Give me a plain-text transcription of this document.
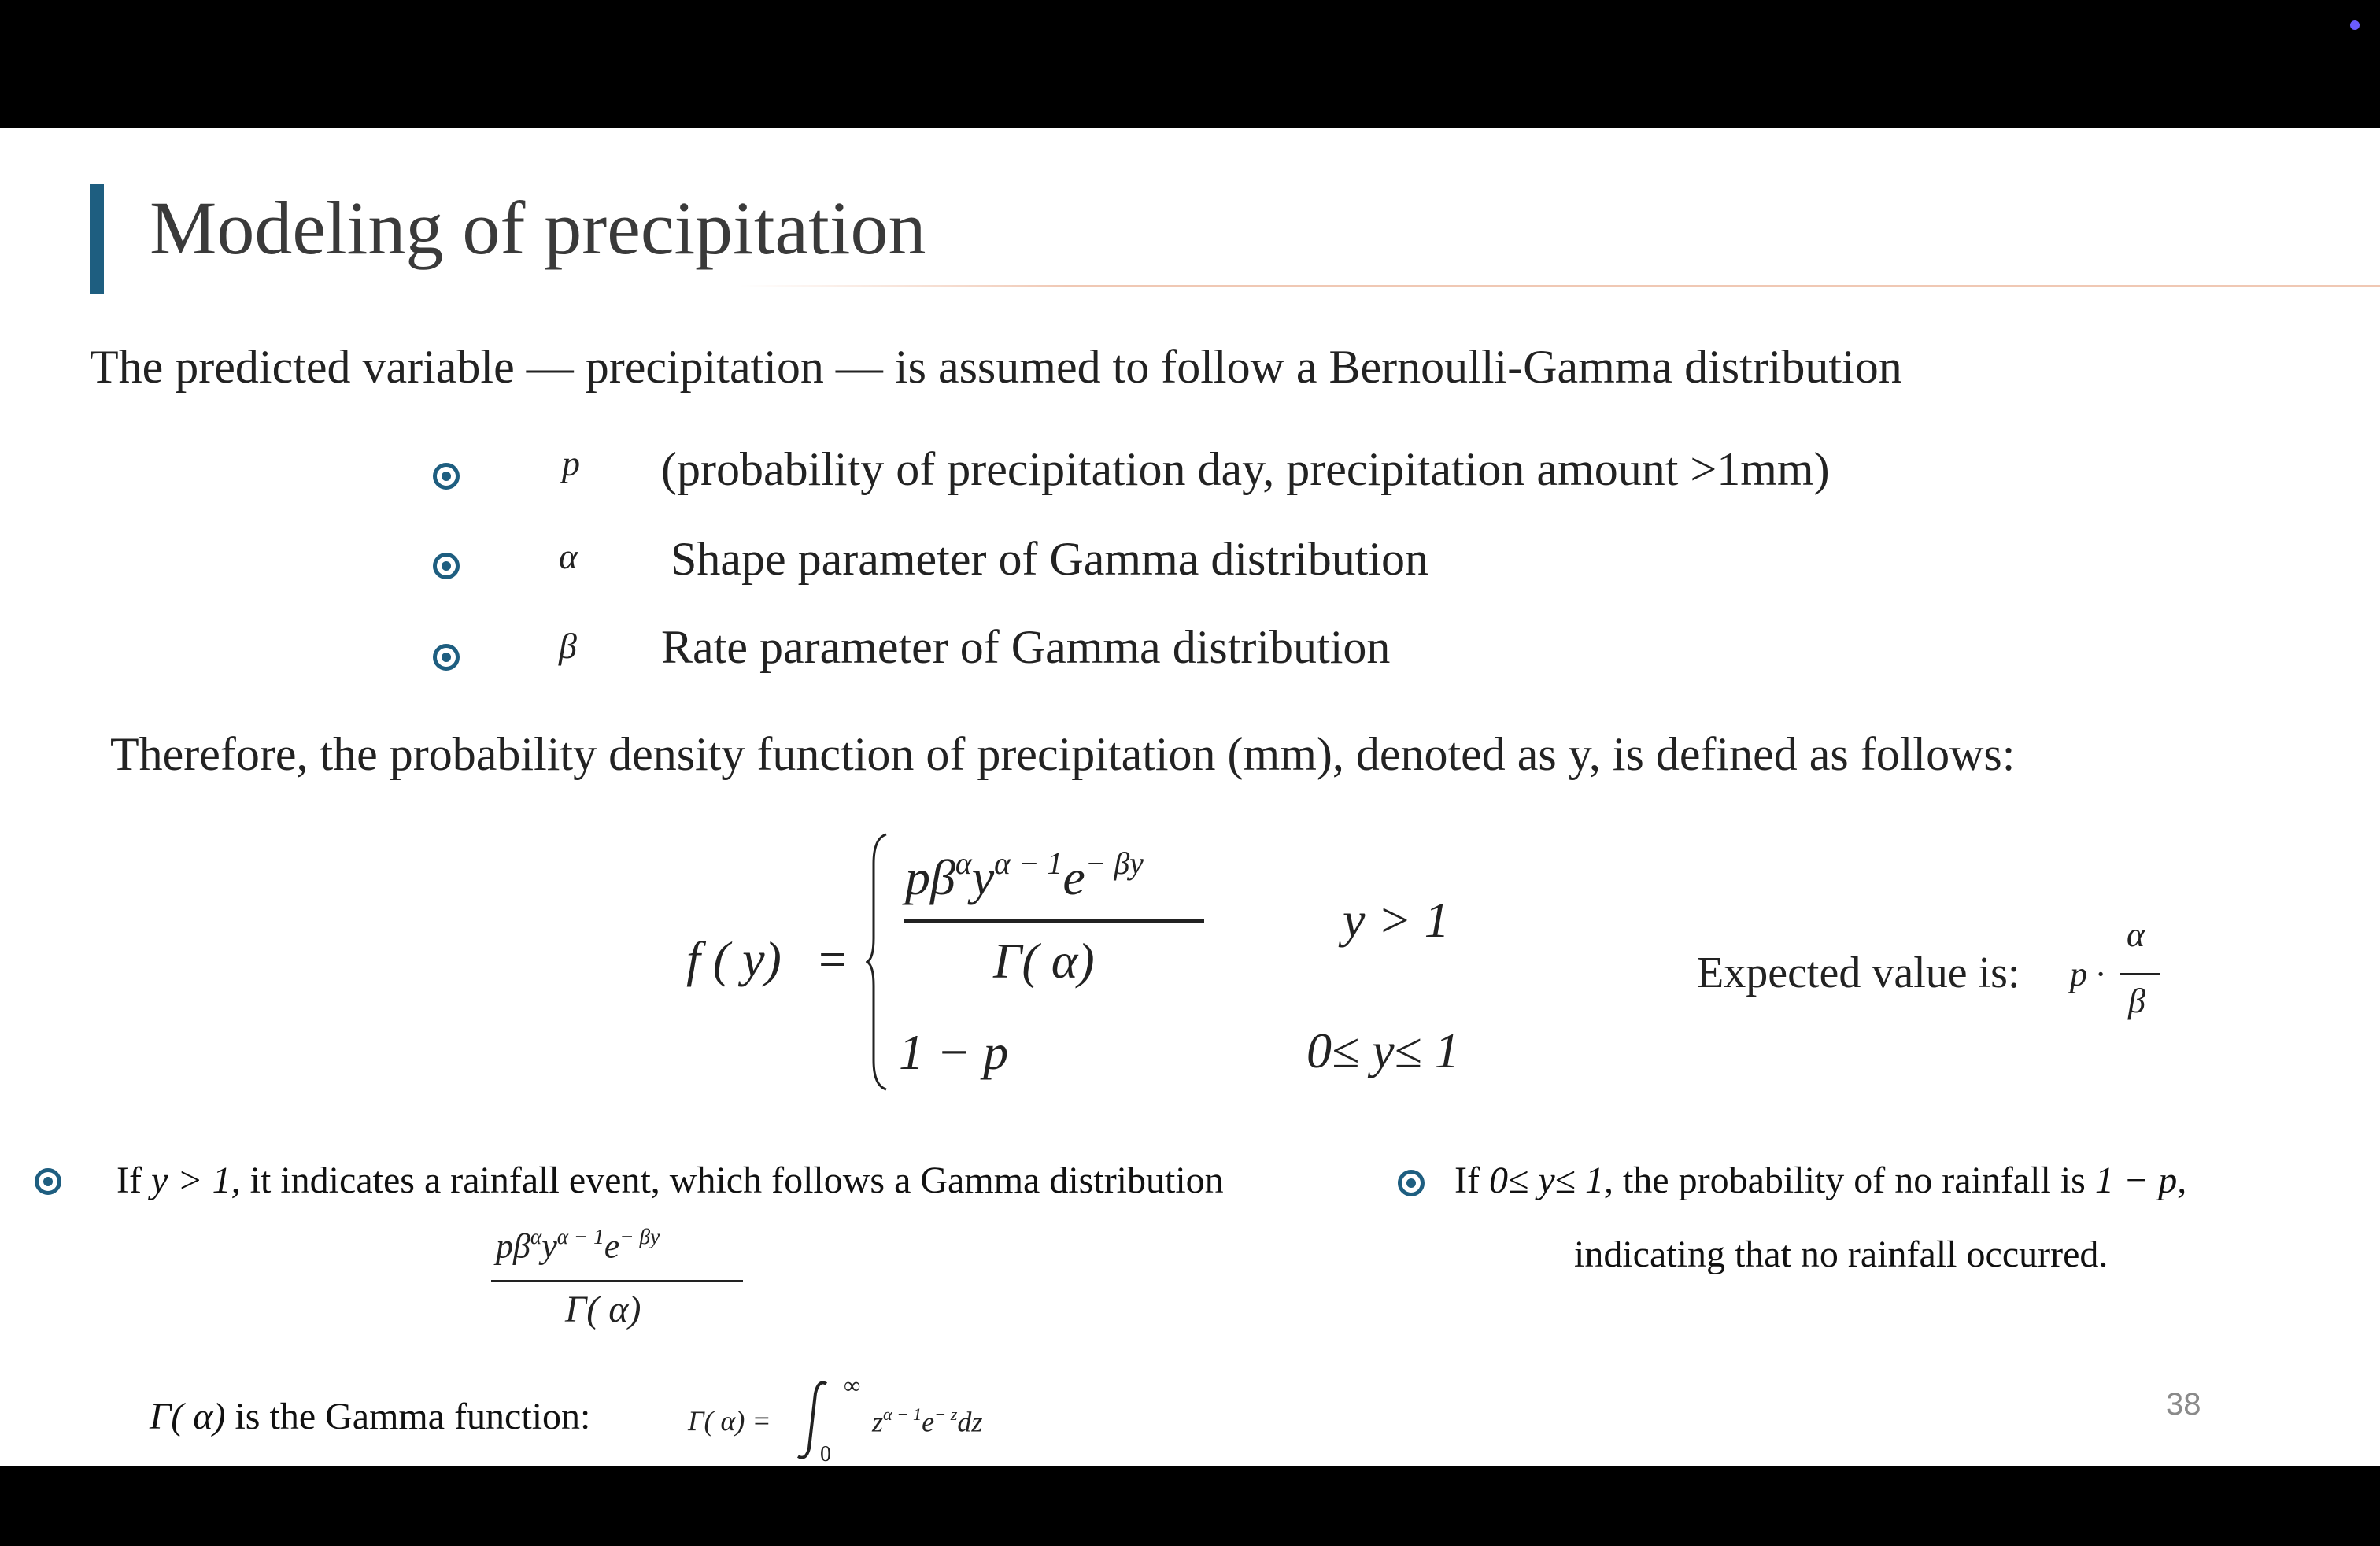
Modeling of precipitation
The predicted variable — precipitation — is assumed to follow a Bernoulli-Gamma distribution
p (probability of precipitation day, precipitation amount >1mm)
α Shape parameter of Gamma distribution
β Rate parameter of Gamma distribution
Therefore, the probability density function of precipitation (mm), denoted as y, is defined as follows:
f ( y) =
$p\beta^\alpha y^{\alpha - 1}e^{- \beta y}$
Γ( α)
y > 1
1 − p	0≤ y≤ 1
Expected value is: p ·
α
β
If y > 1, it indicates a rainfall event, which follows a Gamma distribution
$p\beta^\alpha y^{\alpha - 1}e^{- \beta y}$
Γ( α)
If 0≤ y≤ 1, the probability of no rainfall is 1 − p,
indicating that no rainfall occurred.
Γ( α) is the Gamma function:	Γ( α) =
∞
0
$z^{\alpha - 1}e^{- z}dz$
38
